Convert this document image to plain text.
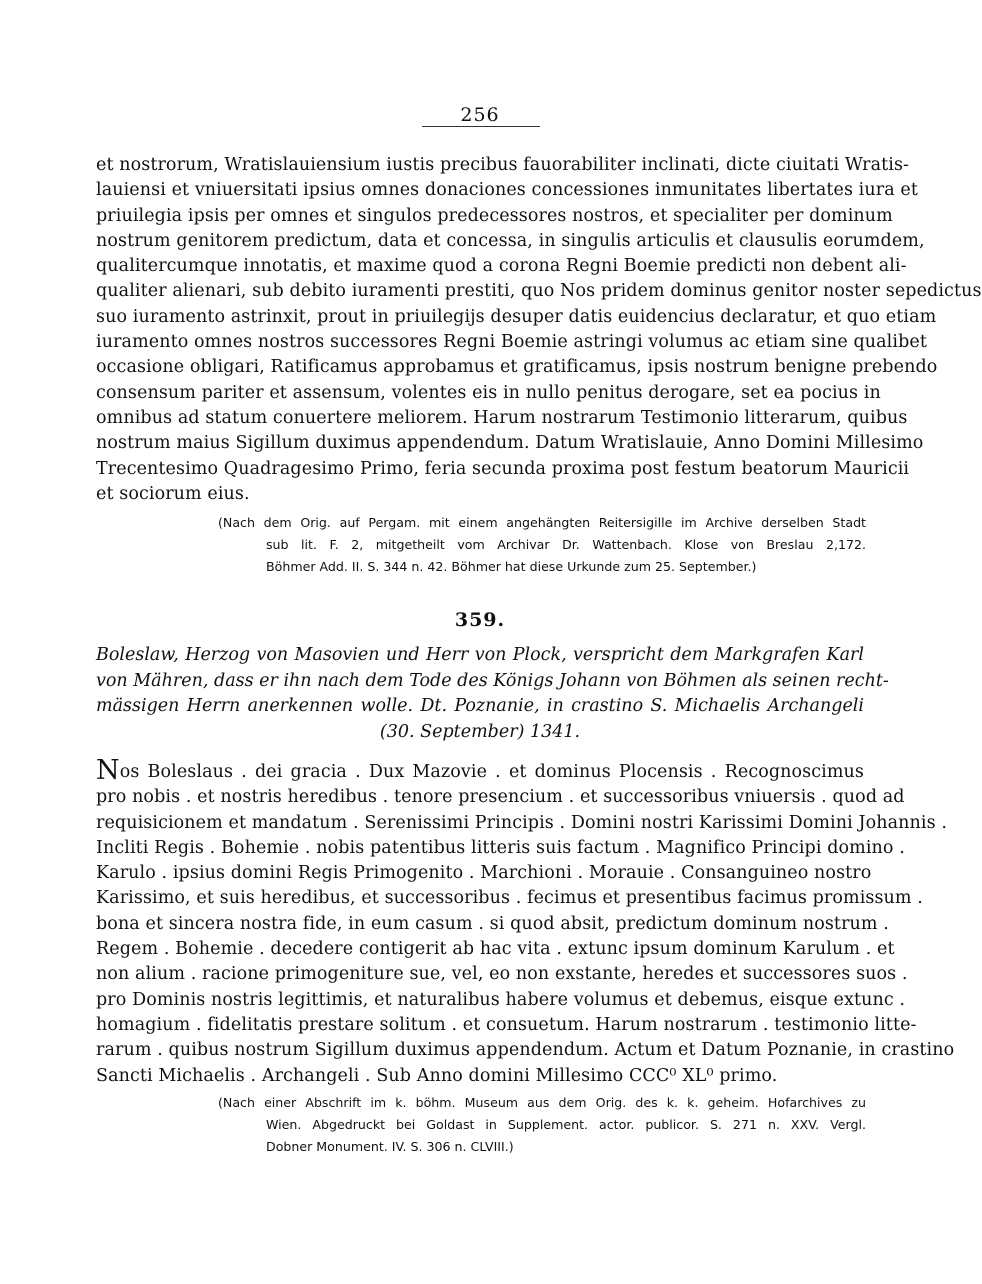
256
et nostrorum, Wratislauiensium iustis precibus fauorabiliter inclinati, dicte ciuitati Wratis-
lauiensi et vniuersitati ipsius omnes donaciones concessiones inmunitates libertates iura et
priuilegia ipsis per omnes et singulos predecessores nostros, et specialiter per dominum
nostrum genitorem predictum, data et concessa, in singulis articulis et clausulis eorumdem,
qualitercumque innotatis, et maxime quod a corona Regni Boemie predicti non debent ali-
qualiter alienari, sub debito iuramenti prestiti, quo Nos pridem dominus genitor noster sepedictus
suo iuramento astrinxit, prout in priuilegijs desuper datis euidencius declaratur, et quo etiam
iuramento omnes nostros successores Regni Boemie astringi volumus ac etiam sine qualibet
occasione obligari, Ratificamus approbamus et gratificamus, ipsis nostrum benigne prebendo
consensum pariter et assensum, volentes eis in nullo penitus derogare, set ea pocius in
omnibus ad statum conuertere meliorem. Harum nostrarum Testimonio litterarum, quibus
nostrum maius Sigillum duximus appendendum. Datum Wratislauie, Anno Domini Millesimo
Trecentesimo Quadragesimo Primo, feria secunda proxima post festum beatorum Mauricii
et sociorum eius.
(Nach dem Orig. auf Pergam. mit einem angehängten Reitersigille im Archive derselben Stadt
sub lit. F. 2, mitgetheilt vom Archivar Dr. Wattenbach. Klose von Breslau 2,172.
Böhmer Add. II. S. 344 n. 42. Böhmer hat diese Urkunde zum 25. September.)
359.
Boleslaw, Herzog von Masovien und Herr von Plock, verspricht dem Markgrafen Karl
von Mähren, dass er ihn nach dem Tode des Königs Johann von Böhmen als seinen recht-
mässigen Herrn anerkennen wolle. Dt. Poznanie, in crastino S. Michaelis Archangeli
(30. September) 1341.
Nos Boleslaus . dei gracia . Dux Mazovie . et dominus Plocensis . Recognoscimus
pro nobis . et nostris heredibus . tenore presencium . et successoribus vniuersis . quod ad
requisicionem et mandatum . Serenissimi Principis . Domini nostri Karissimi Domini Johannis .
Incliti Regis . Bohemie . nobis patentibus litteris suis factum . Magnifico Principi domino .
Karulo . ipsius domini Regis Primogenito . Marchioni . Morauie . Consanguineo nostro
Karissimo, et suis heredibus, et successoribus . fecimus et presentibus facimus promissum .
bona et sincera nostra fide, in eum casum . si quod absit, predictum dominum nostrum .
Regem . Bohemie . decedere contigerit ab hac vita . extunc ipsum dominum Karulum . et
non alium . racione primogeniture sue, vel, eo non exstante, heredes et successores suos .
pro Dominis nostris legittimis, et naturalibus habere volumus et debemus, eisque extunc .
homagium . fidelitatis prestare solitum . et consuetum. Harum nostrarum . testimonio litte-
rarum . quibus nostrum Sigillum duximus appendendum. Actum et Datum Poznanie, in crastino
Sancti Michaelis . Archangeli . Sub Anno domini Millesimo CCC⁰ XL⁰ primo.
(Nach einer Abschrift im k. böhm. Museum aus dem Orig. des k. k. geheim. Hofarchives zu
Wien. Abgedruckt bei Goldast in Supplement. actor. publicor. S. 271 n. XXV. Vergl.
Dobner Monument. IV. S. 306 n. CLVIII.)
